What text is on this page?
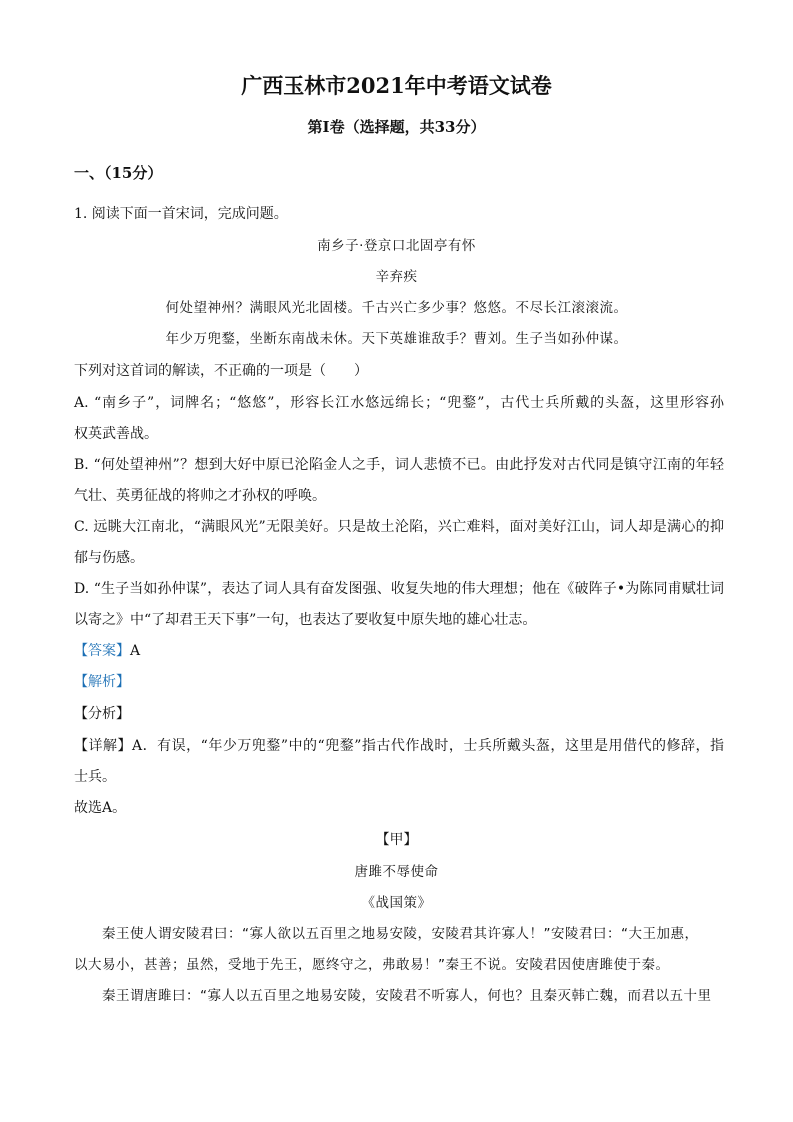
广西玉林市2021年中考语文试卷
第Ⅰ卷（选择题，共33分）
一、（15分）
1. 阅读下面一首宋词，完成问题。
南乡子·登京口北固亭有怀
辛弃疾
何处望神州？满眼风光北固楼。千古兴亡多少事？悠悠。不尽长江滚滚流。
年少万兜鍪，坐断东南战未休。天下英雄谁敌手？曹刘。生子当如孙仲谋。
下列对这首词的解读，不正确的一项是（　　）
A. “南乡子”，词牌名；“悠悠”，形容长江水悠远绵长；“兜鍪”，古代士兵所戴的头盔，这里形容孙
权英武善战。
B. “何处望神州”？想到大好中原已沦陷金人之手，词人悲愤不已。由此抒发对古代同是镇守江南的年轻
气壮、英勇征战的将帅之才孙权的呼唤。
C. 远眺大江南北，“满眼风光”无限美好。只是故土沦陷，兴亡难料，面对美好江山，词人却是满心的抑
郁与伤感。
D. “生子当如孙仲谋”，表达了词人具有奋发图强、收复失地的伟大理想；他在《破阵子•为陈同甫赋壮词
以寄之》中“了却君王天下事”一句，也表达了要收复中原失地的雄心壮志。
【答案】A
【解析】
【分析】
【详解】A．有误，“年少万兜鍪”中的“兜鍪”指古代作战时，士兵所戴头盔，这里是用借代的修辞，指
士兵。
故选A。
【甲】
唐雎不辱使命
《战国策》
秦王使人谓安陵君曰：“寡人欲以五百里之地易安陵，安陵君其许寡人！”安陵君曰：“大王加惠，
以大易小，甚善；虽然，受地于先王，愿终守之，弗敢易！”秦王不说。安陵君因使唐雎使于秦。
秦王谓唐雎曰：“寡人以五百里之地易安陵，安陵君不听寡人，何也？且秦灭韩亡魏，而君以五十里
